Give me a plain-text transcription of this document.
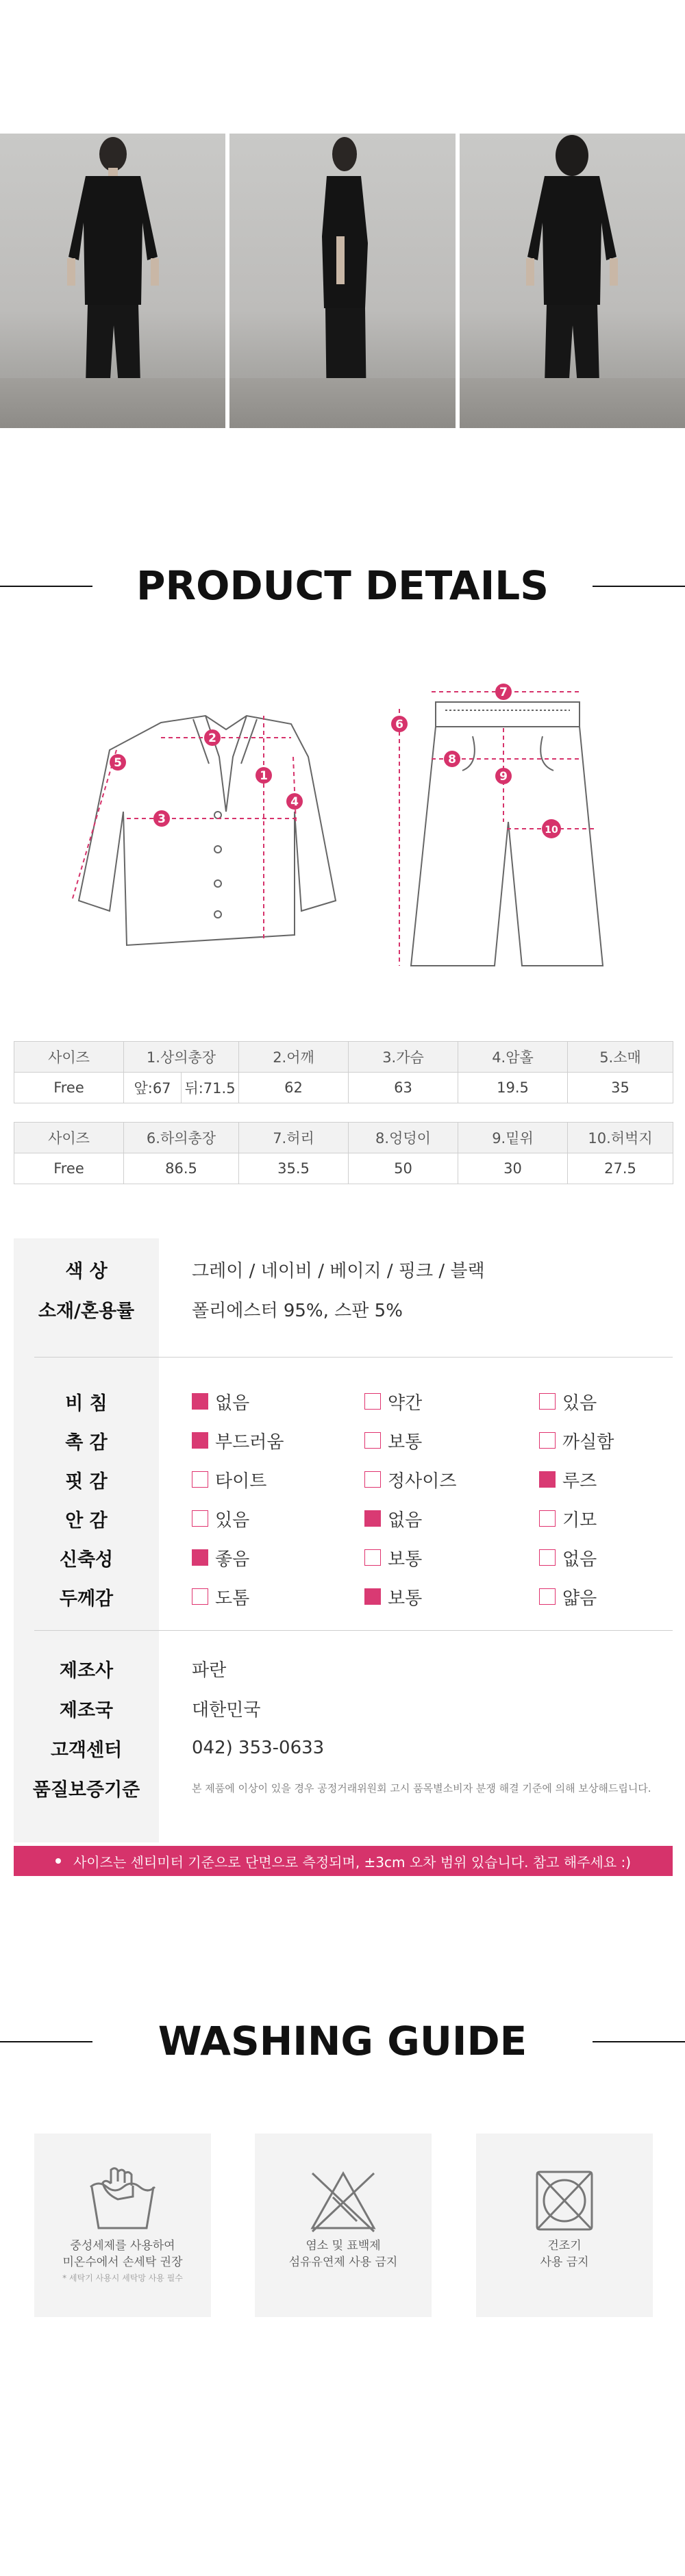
PRODUCT DETAILS
1
2
3
4
5
6
7
8
9
10
사이즈	1.상의총장		2.어깨	3.가슴	4.암홀	5.소매
Free	앞:67	뒤:71.5	62	63	19.5	35
사이즈	6.하의총장	7.허리	8.엉덩이	9.밑위	10.허벅지
Free	86.5	35.5	50	30	27.5
색 상	그레이 / 네이비 / 베이지 / 핑크 / 블랙
소재/혼용률	폴리에스터 95%, 스판 5%
비 침	없음	약간	있음
촉 감	부드러움	보통	까실함
핏 감	타이트	정사이즈	루즈
안 감	있음	없음	기모
신축성	좋음	보통	없음
두께감	도톰	보통	얇음
제조사	파란
제조국	대한민국
고객센터	042) 353-0633
품질보증기준	본 제품에 이상이 있을 경우 공정거래위원회 고시 품목별소비자 분쟁 해결 기준에 의해 보상해드립니다.
사이즈는 센티미터 기준으로 단면으로 측정되며, ±3cm 오차 범위 있습니다. 참고 해주세요 :)
WASHING GUIDE
중성세제를 사용하여
미온수에서 손세탁 권장
* 세탁기 사용시 세탁망 사용 필수
염소 및 표백제
섬유유연제 사용 금지
건조기
사용 금지
